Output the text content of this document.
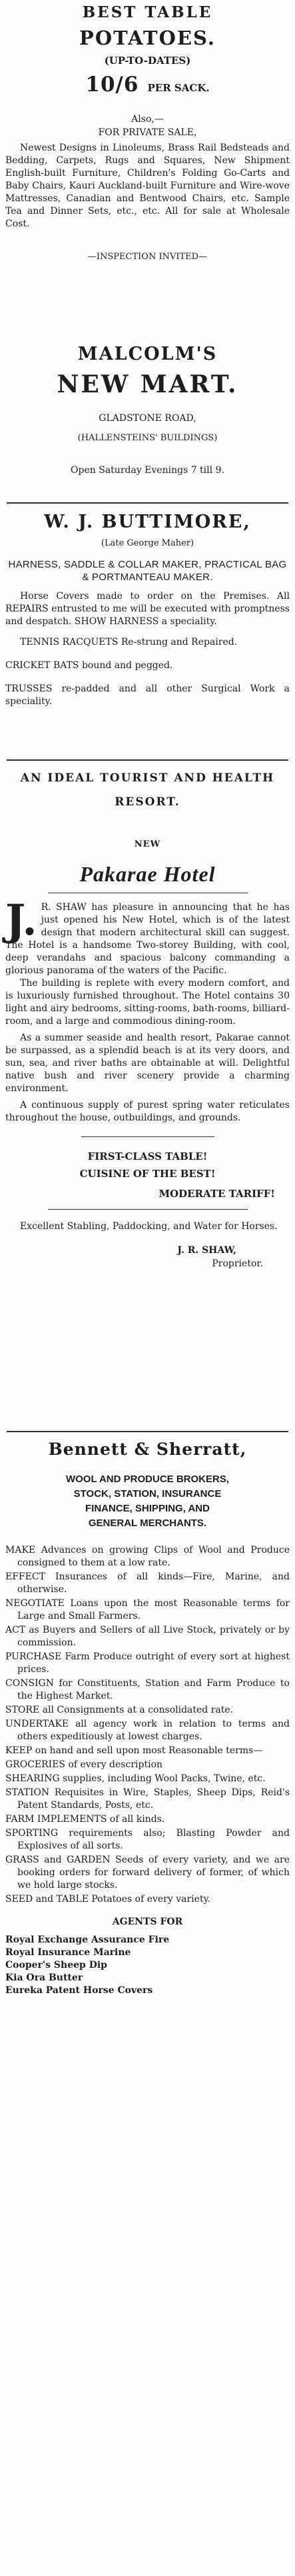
BEST TABLE
POTATOES.
(UP-TO-DATES)
10/6 PER SACK.
Also,—
FOR PRIVATE SALE,
Newest Designs in Linoleums, Brass Rail Bedsteads and Bedding, Carpets, Rugs and Squares, New Shipment English-built Furniture, Children's Folding Go-Carts and Baby Chairs, Kauri Auckland-built Furniture and Wire-wove Mattresses, Canadian and Bentwood Chairs, etc. Sample Tea and Dinner Sets, etc., etc. All for sale at Wholesale Cost.
—INSPECTION INVITED—
MALCOLM'S
NEW MART.
GLADSTONE ROAD,
(HALLENSTEINS' BUILDINGS)
Open Saturday Evenings 7 till 9.
W. J. BUTTIMORE,
(Late George Maher)
HARNESS, SADDLE & COLLAR MAKER, PRACTICAL BAG & PORTMANTEAU MAKER.
Horse Covers made to order on the Premises. All REPAIRS entrusted to me will be executed with promptness and despatch. SHOW HARNESS a speciality.
TENNIS RACQUETS Re-strung and Repaired.
CRICKET BATS bound and pegged.
TRUSSES re-padded and all other Surgical Work a speciality.
AN IDEAL TOURIST AND HEALTH RESORT.
NEW
Pakarae Hotel
J. R. SHAW has pleasure in announcing that he has just opened his New Hotel, which is of the latest design that modern architectural skill can suggest. The Hotel is a handsome Two-storey Building, with cool, deep verandahs and spacious balcony commanding a glorious panorama of the waters of the Pacific.
The building is replete with every modern comfort, and is luxuriously furnished throughout. The Hotel contains 30 light and airy bedrooms, sitting-rooms, bath-rooms, billiard-room, and a large and commodious dining-room.
As a summer seaside and health resort, Pakarae cannot be surpassed, as a splendid beach is at its very doors, and sun, sea, and river baths are obtainable at will. Delightful native bush and river scenery provide a charming environment.
A continuous supply of purest spring water reticulates throughout the house, outbuildings, and grounds.
FIRST-CLASS TABLE!
CUISINE OF THE BEST!
MODERATE TARIFF!
Excellent Stabling, Paddocking, and Water for Horses.
J. R. SHAW,
Proprietor.
Bennett & Sherratt,
WOOL AND PRODUCE BROKERS,
STOCK, STATION, INSURANCE
FINANCE, SHIPPING, AND
GENERAL MERCHANTS.
MAKE Advances on growing Clips of Wool and Produce consigned to them at a low rate.
EFFECT Insurances of all kinds—Fire, Marine, and otherwise.
NEGOTIATE Loans upon the most Reasonable terms for Large and Small Farmers.
ACT as Buyers and Sellers of all Live Stock, privately or by commission.
PURCHASE Farm Produce outright of every sort at highest prices.
CONSIGN for Constituents, Station and Farm Produce to the Highest Market.
STORE all Consignments at a consolidated rate.
UNDERTAKE all agency work in relation to terms and others expeditiously at lowest charges.
KEEP on hand and sell upon most Reasonable terms—
GROCERIES of every description
SHEARING supplies, including Wool Packs, Twine, etc.
STATION Requisites in Wire, Staples, Sheep Dips, Reid's Patent Standards, Posts, etc.
FARM IMPLEMENTS of all kinds.
SPORTING requirements also; Blasting Powder and Explosives of all sorts.
GRASS and GARDEN Seeds of every variety, and we are booking orders for forward delivery of former, of which we hold large stocks.
SEED and TABLE Potatoes of every variety.
AGENTS FOR
Royal Exchange Assurance Fire
Royal Insurance Marine
Cooper's Sheep Dip
Kia Ora Butter
Eureka Patent Horse Covers
